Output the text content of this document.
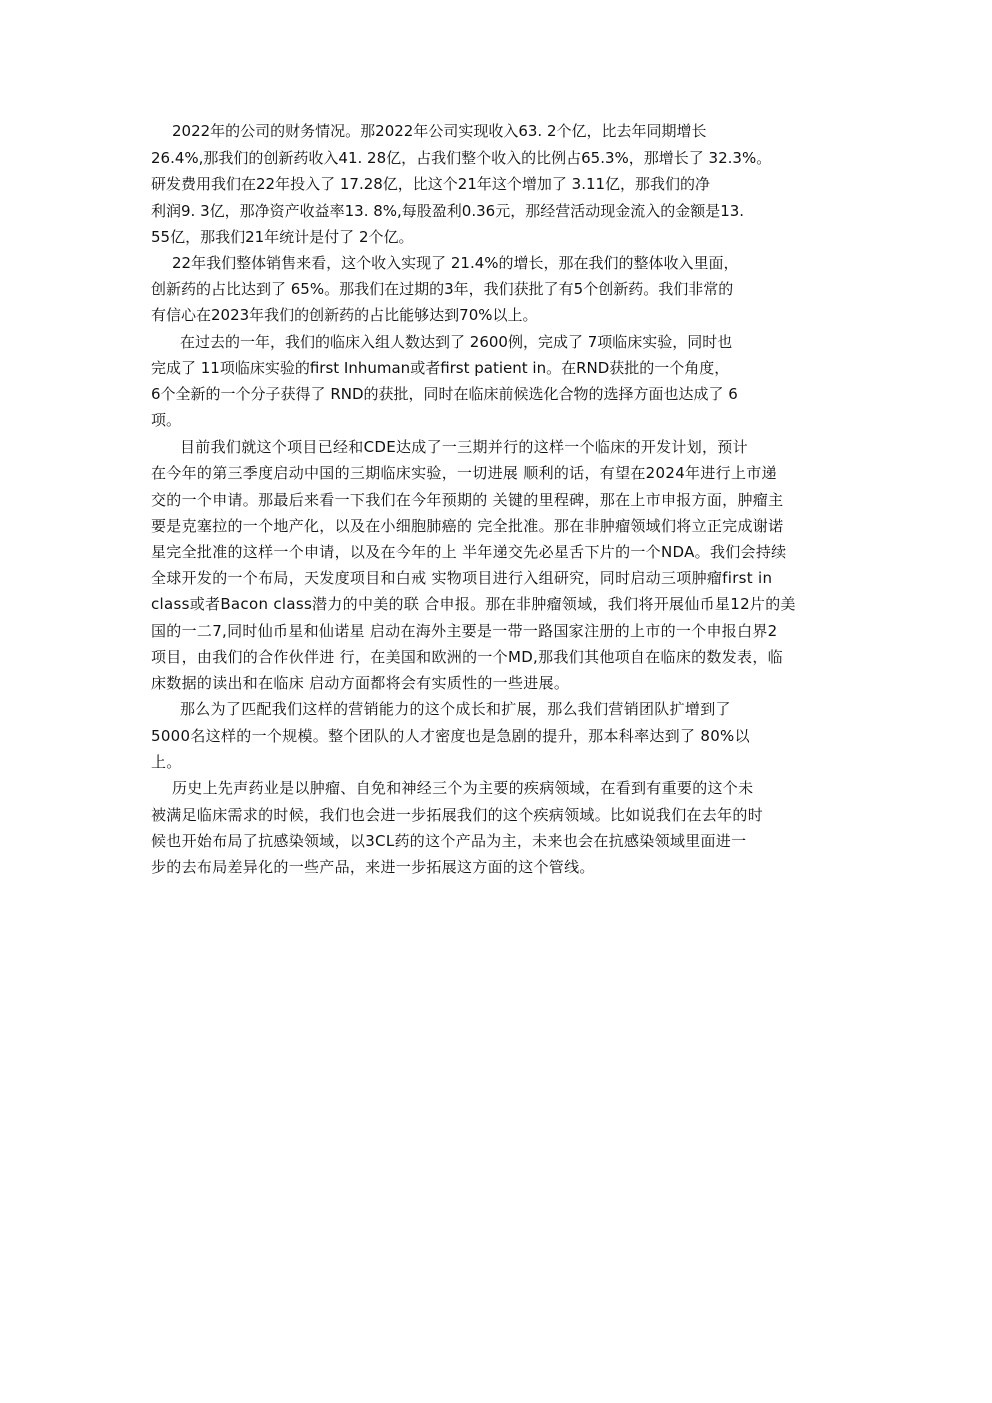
2022年的公司的财务情况。那2022年公司实现收入63. 2个亿，比去年同期增长

26.4%,那我们的创新药收入41. 28亿，占我们整个收入的比例占65.3%，那增长了 32.3%。

研发费用我们在22年投入了 17.28亿，比这个21年这个增加了 3.11亿，那我们的净

利润9. 3亿，那净资产收益率13. 8%,每股盈利0.36元，那经营活动现金流入的金额是13.

55亿，那我们21年统计是付了 2个亿。

22年我们整体销售来看，这个收入实现了 21.4%的增长，那在我们的整体收入里面，

创新药的占比达到了 65%。那我们在过期的3年，我们获批了有5个创新药。我们非常的

有信心在2023年我们的创新药的占比能够达到70%以上。

在过去的一年，我们的临床入组人数达到了 2600例，完成了 7项临床实验，同时也

完成了 11项临床实验的first Inhuman或者first patient in。在RND获批的一个角度，

6个全新的一个分子获得了 RND的获批，同时在临床前候选化合物的选择方面也达成了 6

项。

目前我们就这个项目已经和CDE达成了一三期并行的这样一个临床的开发计划，预计

在今年的第三季度启动中国的三期临床实验，一切进展 顺利的话，有望在2024年进行上市递

交的一个申请。那最后来看一下我们在今年预期的 关键的里程碑，那在上市申报方面，肿瘤主

要是克塞拉的一个地产化，以及在小细胞肺癌的 完全批准。那在非肿瘤领域们将立正完成谢诺

星完全批准的这样一个申请，以及在今年的上 半年递交先必星舌下片的一个NDA。我们会持续

全球开发的一个布局，天发度项目和白戒 实物项目进行入组研究，同时启动三项肿瘤first in

class或者Bacon class潜力的中美的联 合申报。那在非肿瘤领域，我们将开展仙币星12片的美

国的一二7,同时仙币星和仙诺星 启动在海外主要是一带一路国家注册的上市的一个申报白界2

项目，由我们的合作伙伴进 行，在美国和欧洲的一个MD,那我们其他项自在临床的数发表，临

床数据的读出和在临床 启动方面都将会有实质性的一些进展。

那么为了匹配我们这样的营销能力的这个成长和扩展，那么我们营销团队扩增到了

5000名这样的一个规模。整个团队的人才密度也是急剧的提升，那本科率达到了 80%以

上。

历史上先声药业是以肿瘤、自免和神经三个为主要的疾病领域，在看到有重要的这个未

被满足临床需求的时候，我们也会进一步拓展我们的这个疾病领域。比如说我们在去年的时

候也开始布局了抗感染领域，以3CL药的这个产品为主，未来也会在抗感染领域里面进一

步的去布局差异化的一些产品，来进一步拓展这方面的这个管线。
